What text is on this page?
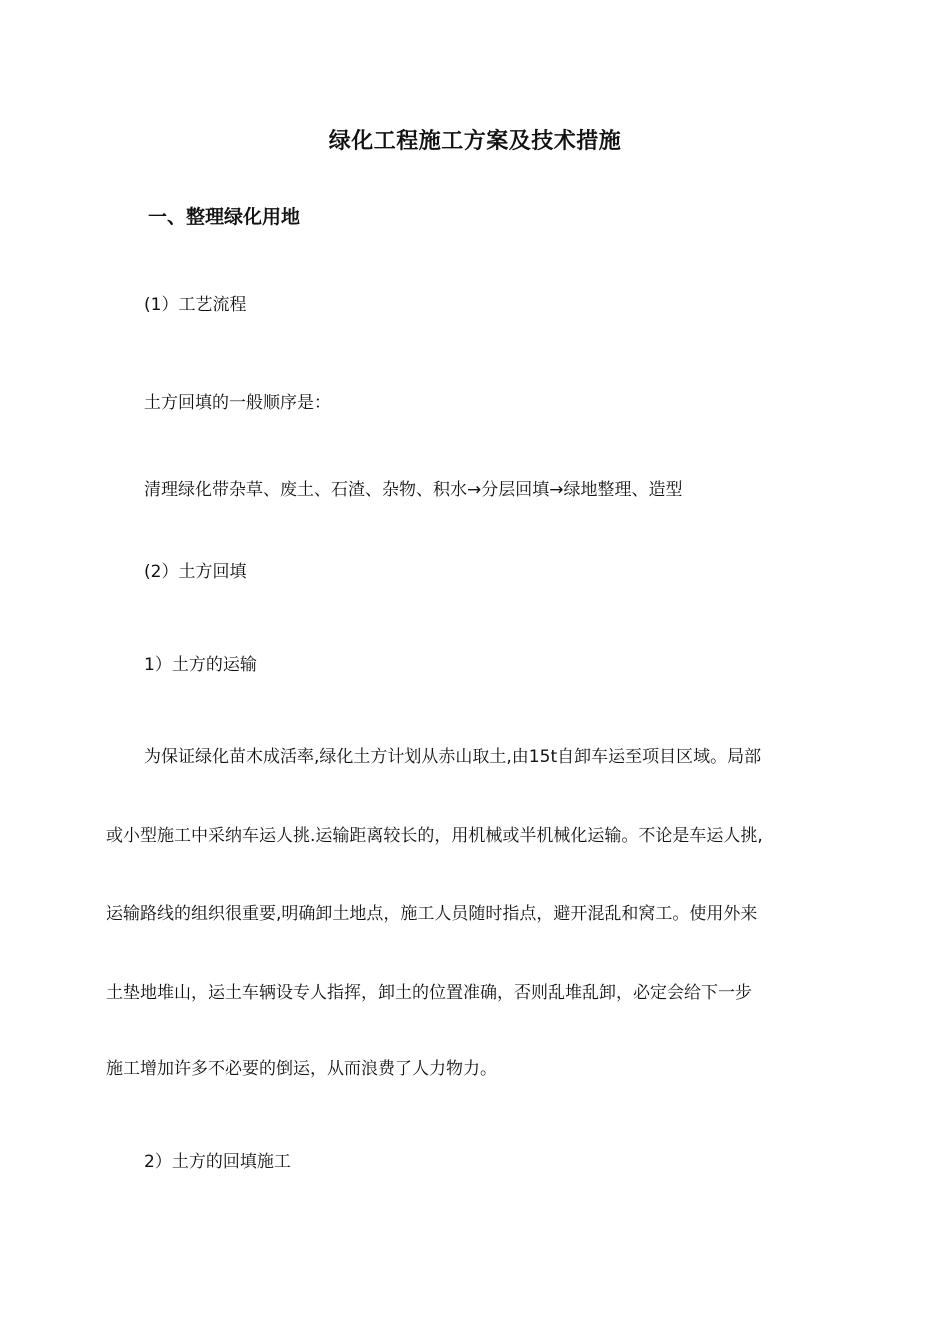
绿化工程施工方案及技术措施
一、整理绿化用地
(1）工艺流程
土方回填的一般顺序是：
清理绿化带杂草、废土、石渣、杂物、积水→分层回填→绿地整理、造型
(2）土方回填
1）土方的运输
为保证绿化苗木成活率,绿化土方计划从赤山取土,由15t自卸车运至项目区域。局部
或小型施工中采纳车运人挑.运输距离较长的，用机械或半机械化运输。不论是车运人挑,
运输路线的组织很重要,明确卸土地点，施工人员随时指点，避开混乱和窝工。使用外来
土垫地堆山，运土车辆设专人指挥，卸土的位置准确，否则乱堆乱卸，必定会给下一步
施工增加许多不必要的倒运，从而浪费了人力物力。
2）土方的回填施工
